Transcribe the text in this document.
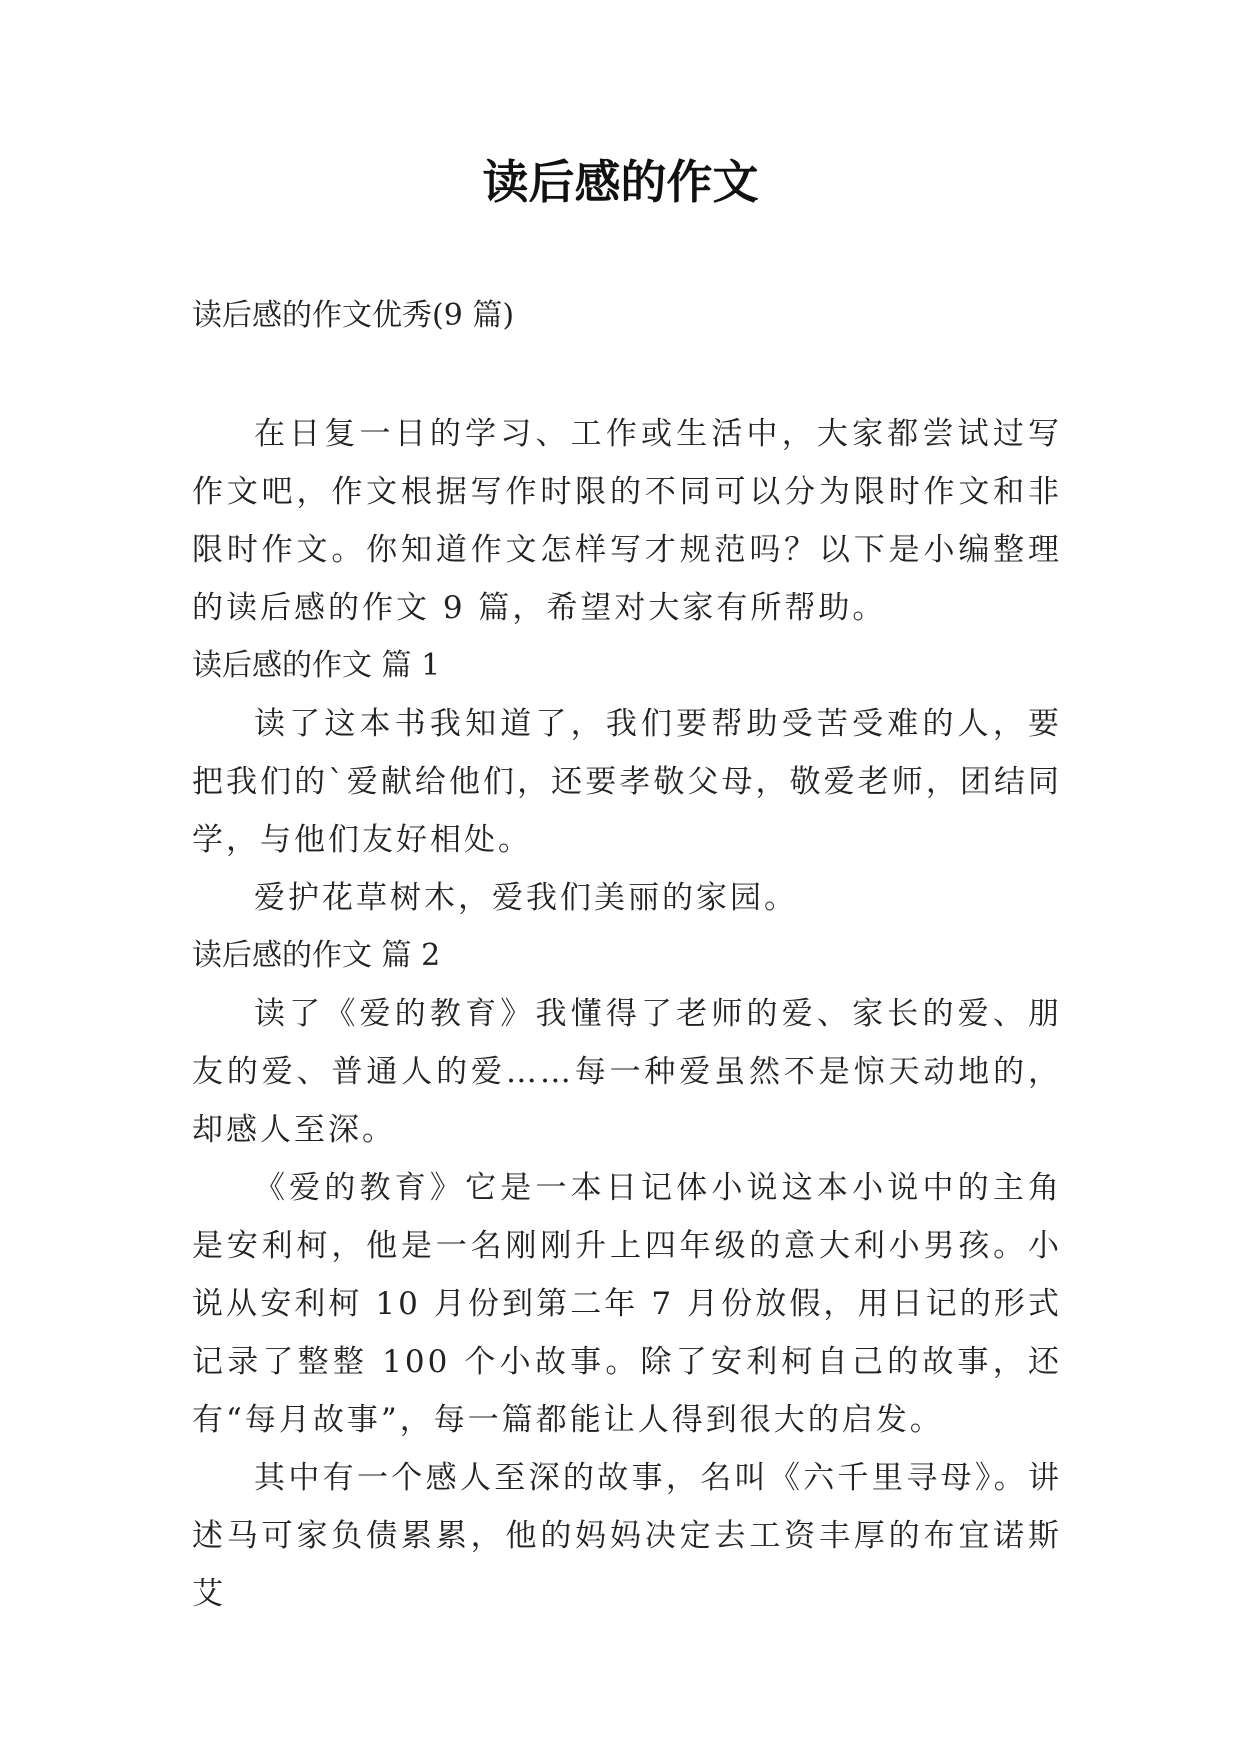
读后感的作文

读后感的作文优秀(9 篇)

在日复一日的学习、工作或生活中，大家都尝试过写作文吧，作文根据写作时限的不同可以分为限时作文和非限时作文。你知道作文怎样写才规范吗？以下是小编整理的读后感的作文 9 篇，希望对大家有所帮助。

读后感的作文 篇 1

读了这本书我知道了，我们要帮助受苦受难的人，要把我们的`爱献给他们，还要孝敬父母，敬爱老师，团结同学，与他们友好相处。

爱护花草树木，爱我们美丽的家园。

读后感的作文 篇 2

读了《爱的教育》我懂得了老师的爱、家长的爱、朋友的爱、普通人的爱……每一种爱虽然不是惊天动地的，却感人至深。

《爱的教育》它是一本日记体小说这本小说中的主角是安利柯，他是一名刚刚升上四年级的意大利小男孩。小说从安利柯 10 月份到第二年 7 月份放假，用日记的形式记录了整整 100 个小故事。除了安利柯自己的故事，还有“每月故事”，每一篇都能让人得到很大的启发。

其中有一个感人至深的故事，名叫《六千里寻母》。讲述马可家负债累累，他的妈妈决定去工资丰厚的布宜诺斯艾
